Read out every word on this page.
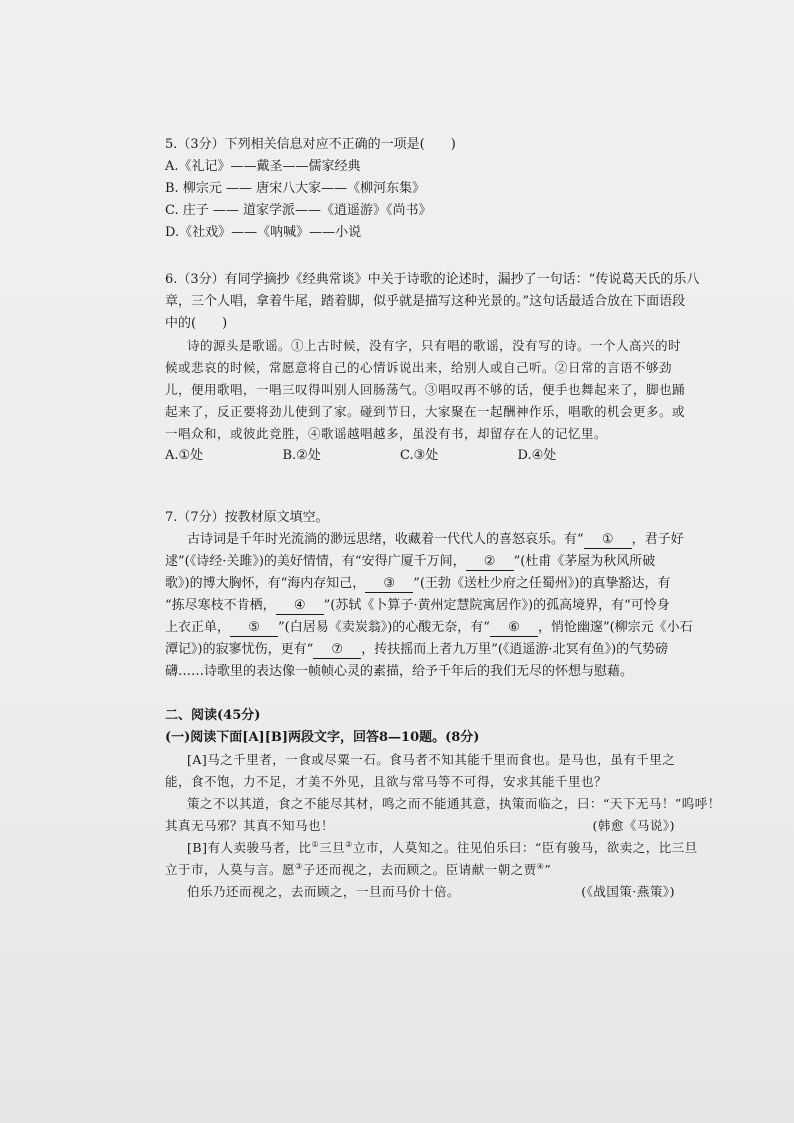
5.（3分）下列相关信息对应不正确的一项是(　　)
A.《礼记》——戴圣——儒家经典
B. 柳宗元 —— 唐宋八大家——《柳河东集》
C. 庄子 —— 道家学派——《逍遥游》《尚书》
D.《社戏》——《呐喊》——小说
6.（3分）有同学摘抄《经典常谈》中关于诗歌的论述时，漏抄了一句话：“传说葛天氏的乐八
章，三个人唱，拿着牛尾，踏着脚，似乎就是描写这种光景的。”这句话最适合放在下面语段
中的(　　)
诗的源头是歌谣。①上古时候，没有字，只有唱的歌谣，没有写的诗。一个人高兴的时
候或悲哀的时候，常愿意将自己的心情诉说出来，给别人或自己听。②日常的言语不够劲
儿，便用歌唱，一唱三叹得叫别人回肠荡气。③唱叹再不够的话，便手也舞起来了，脚也踊
起来了，反正要将劲儿使到了家。碰到节日，大家聚在一起酬神作乐，唱歌的机会更多。或
一唱众和，或彼此竞胜，④歌谣越唱越多，虽没有书，却留存在人的记忆里。
A.①处	B.②处	C.③处	D.④处
7.（7分）按教材原文填空。
古诗词是千年时光流淌的渺远思绪，收藏着一代代人的喜怒哀乐。有“ ① ，君子好
逑”(《诗经·关雎》)的美好情情，有“安得广厦千万间， ② ”(杜甫《茅屋为秋风所破
歌》)的博大胸怀，有“海内存知己， ③ ”(王勃《送杜少府之任蜀州》)的真挚豁达，有
“拣尽寒枝不肯栖， ④ ”(苏轼《卜算子·黄州定慧院寓居作》)的孤高境界，有“可怜身
上衣正单， ⑤ ”(白居易《卖炭翁》)的心酸无奈，有“ ⑥ ，悄怆幽邃”(柳宗元《小石
潭记》)的寂寥忧伤，更有“ ⑦ ，抟扶摇而上者九万里”(《逍遥游·北冥有鱼》)的气势磅
礴……诗歌里的表达像一帧帧心灵的素描，给予千年后的我们无尽的怀想与慰藉。
二、阅读(45分)
(一)阅读下面[A][B]两段文字，回答8—10题。(8分)
[A]马之千里者，一食或尽粟一石。食马者不知其能千里而食也。是马也，虽有千里之
能，食不饱，力不足，才美不外见，且欲与常马等不可得，安求其能千里也？
策之不以其道，食之不能尽其材，鸣之而不能通其意，执策而临之，曰：“天下无马！”呜呼！
其真无马邪？其真不知马也！	(韩愈《马说》)
[B]有人卖骏马者，比①三旦②立市，人莫知之。往见伯乐曰：“臣有骏马，欲卖之，比三旦
立于市，人莫与言。愿③子还而视之，去而顾之。臣请献一朝之贾④”
伯乐乃还而视之，去而顾之，一旦而马价十倍。	(《战国策·燕策》)
